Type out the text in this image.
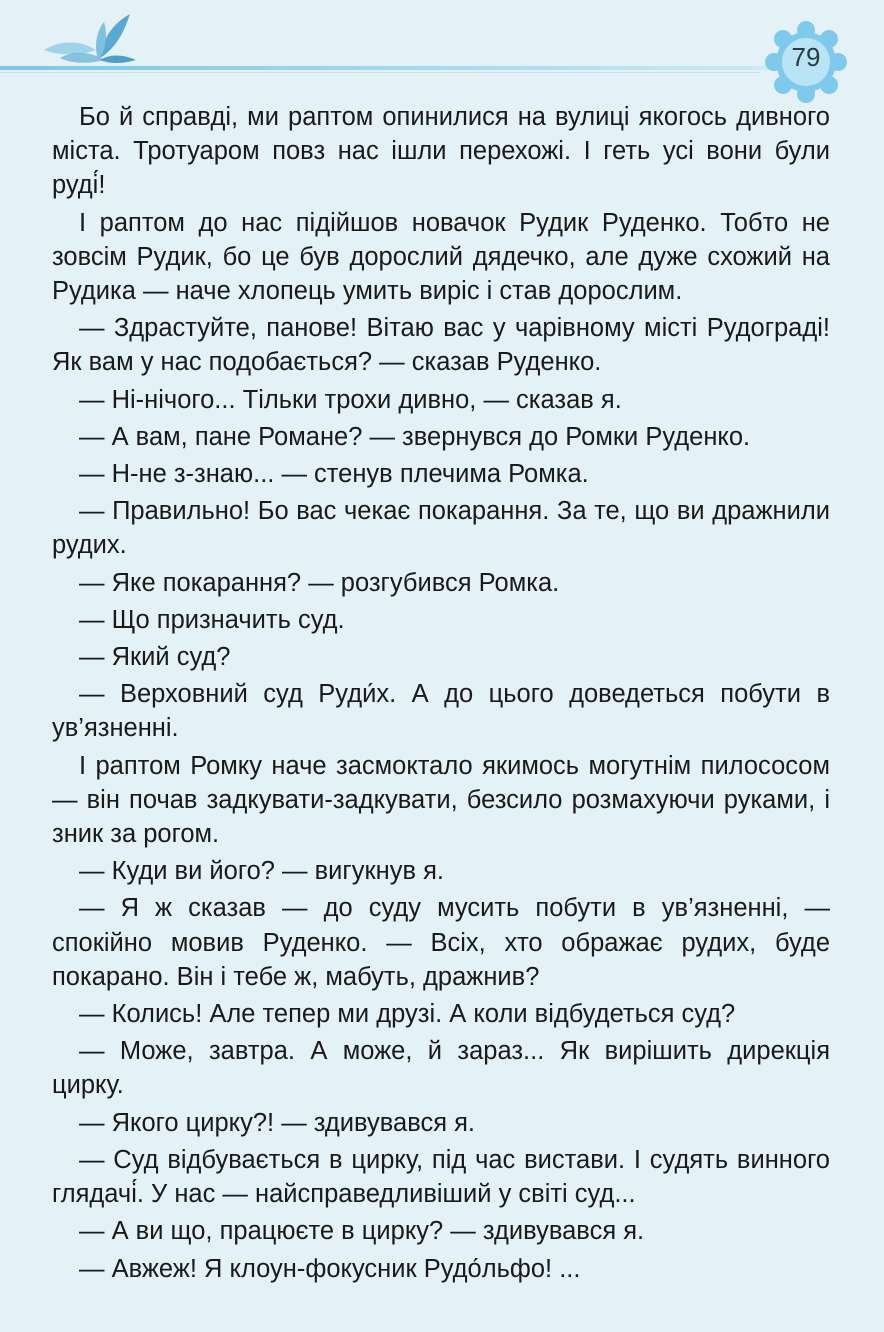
79

Бо й справді, ми раптом опинилися на вулиці якогось дивного міста. Тротуаром повз нас ішли перехожі. І геть усі вони були руді́!

І раптом до нас підійшов новачок Рудик Руденко. Тобто не зовсім Рудик, бо це був дорослий дядечко, але дуже схожий на Рудика — наче хлопець умить виріс і став дорослим.

— Здрастуйте, панове! Вітаю вас у чарівному місті Рудограді! Як вам у нас подобається? — сказав Руденко.

— Ні-нічого... Тільки трохи дивно, — сказав я.

— А вам, пане Романе? — звернувся до Ромки Руденко.

— Н-не з-знаю... — стенув плечима Ромка.

— Правильно! Бо вас чекає покарання. За те, що ви дражнили рудих.

— Яке покарання? — розгубився Ромка.

— Що призначить суд.

— Який суд?

— Верховний суд Руди́х. А до цього доведеться побути в ув’язненні.

І раптом Ромку наче засмоктало якимось могутнім пилососом — він почав задкувати-задкувати, безсило розмахуючи руками, і зник за рогом.

— Куди ви його? — вигукнув я.

— Я ж сказав — до суду мусить побути в ув’язненні, — спокійно мовив Руденко. — Всіх, хто ображає рудих, буде покарано. Він і тебе ж, мабуть, дражнив?

— Колись! Але тепер ми друзі. А коли відбудеться суд?

— Може, завтра. А може, й зараз... Як вирішить дирекція цирку.

— Якого цирку?! — здивувався я.

— Суд відбувається в цирку, під час вистави. І судять винного глядачі́. У нас — найсправедливіший у світі суд...

— А ви що, працюєте в цирку? — здивувався я.

— Авжеж! Я клоун-фокусник Рудо́льфо! ...
